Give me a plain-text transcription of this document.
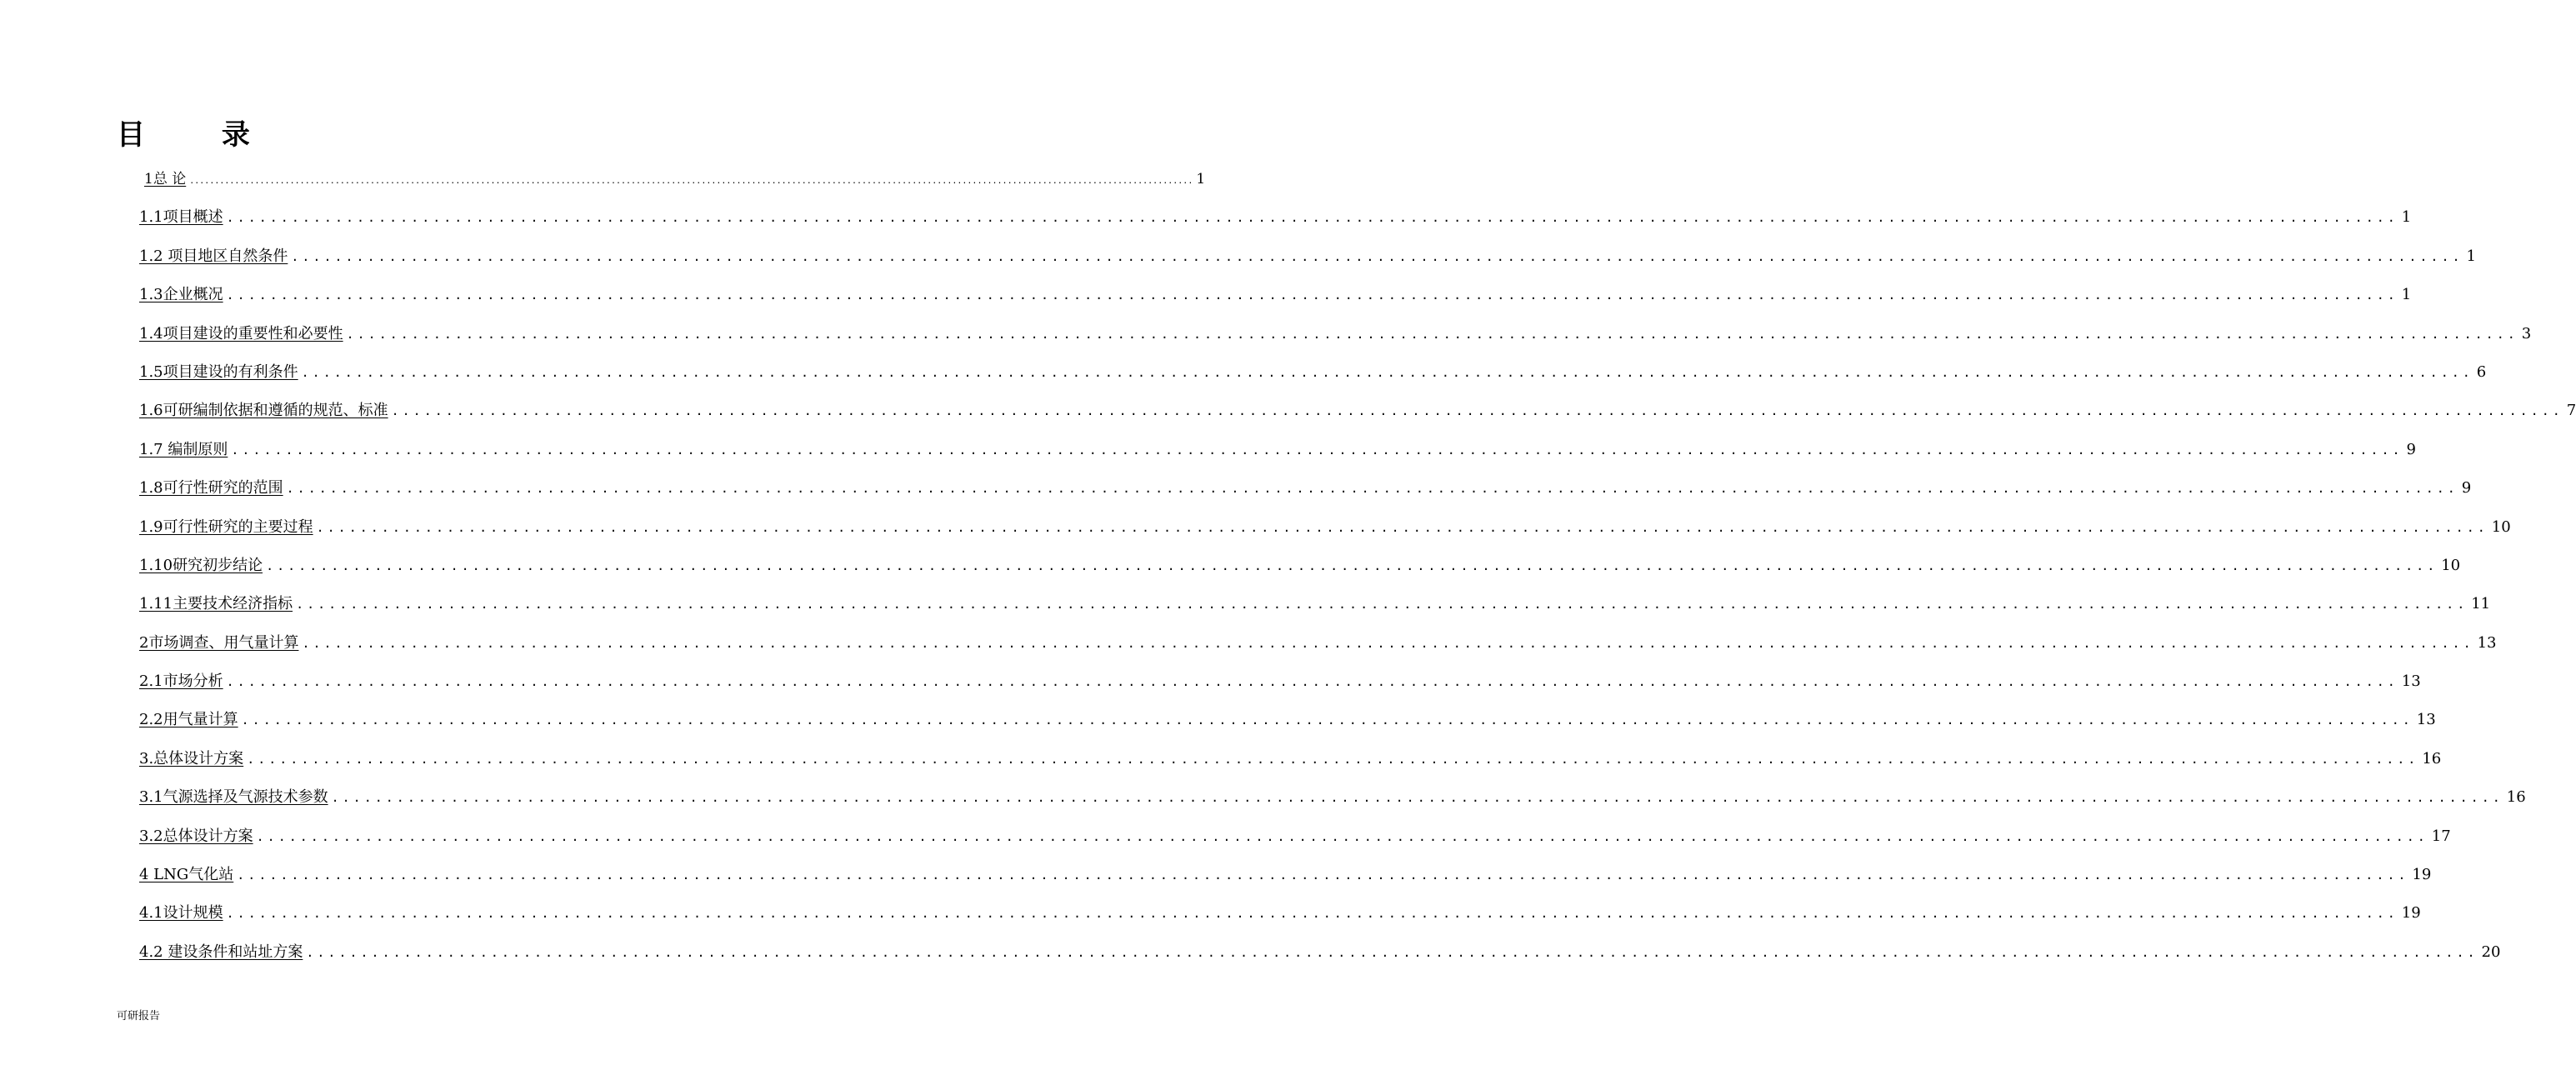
目 录
1总 论 ........................................................................................................................................................................................................ 1
1.1项目概述 ........................................................................................................................................................................................................ 1
1.2 项目地区自然条件 ........................................................................................................................................................................................................ 1
1.3企业概况 ........................................................................................................................................................................................................ 1
1.4项目建设的重要性和必要性 ........................................................................................................................................................................................................ 3
1.5项目建设的有利条件 ........................................................................................................................................................................................................ 6
1.6可研编制依据和遵循的规范、标准 ........................................................................................................................................................................................................ 7
1.7 编制原则 ........................................................................................................................................................................................................ 9
1.8可行性研究的范围 ........................................................................................................................................................................................................ 9
1.9可行性研究的主要过程 ........................................................................................................................................................................................................ 10
1.10研究初步结论 ........................................................................................................................................................................................................ 10
1.11主要技术经济指标 ........................................................................................................................................................................................................ 11
2市场调查、用气量计算 ........................................................................................................................................................................................................ 13
2.1市场分析 ........................................................................................................................................................................................................ 13
2.2用气量计算 ........................................................................................................................................................................................................ 13
3.总体设计方案 ........................................................................................................................................................................................................ 16
3.1气源选择及气源技术参数 ........................................................................................................................................................................................................ 16
3.2总体设计方案 ........................................................................................................................................................................................................ 17
4 LNG气化站 ........................................................................................................................................................................................................ 19
4.1设计规模 ........................................................................................................................................................................................................ 19
4.2 建设条件和站址方案 ........................................................................................................................................................................................................ 20
可研报告
